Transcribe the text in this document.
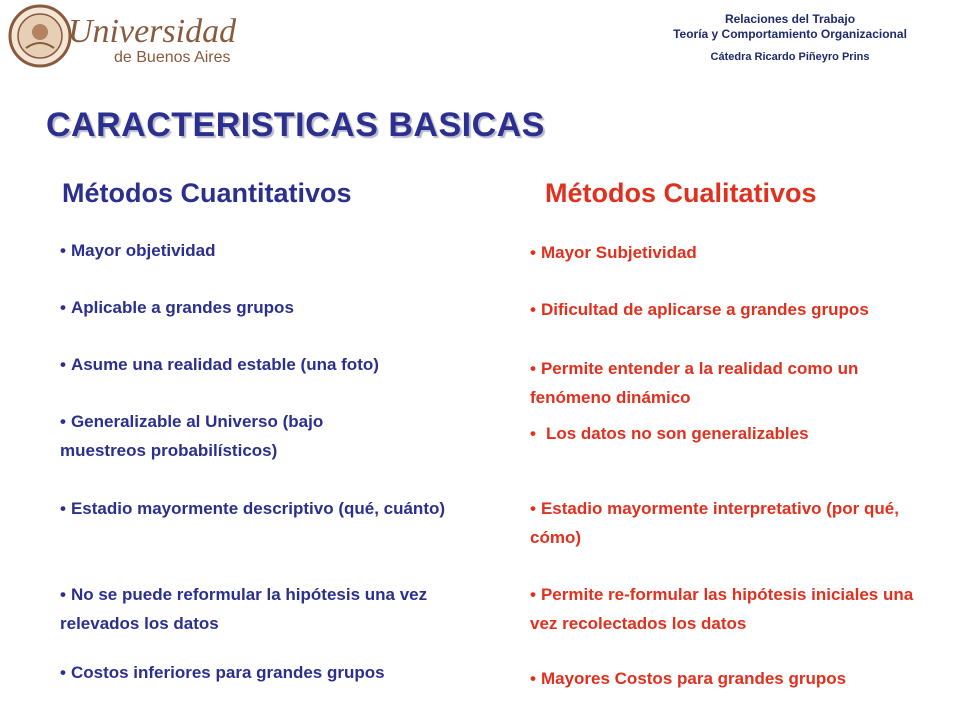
Universidad
de Buenos Aires
Relaciones del Trabajo
Teoría y Comportamiento Organizacional
Cátedra Ricardo Piñeyro Prins
CARACTERISTICAS BASICAS
Métodos Cuantitativos	Métodos Cualitativos

• Mayor objetividad

• Aplicable a grandes grupos

• Asume una realidad estable (una foto)

• Generalizable al Universo (bajo muestreos probabilísticos)

• Estadio mayormente descriptivo (qué, cuánto)

• No se puede reformular la hipótesis una vez relevados los datos

• Costos inferiores para grandes grupos

• Mayor Subjetividad

• Dificultad de aplicarse a grandes grupos

• Permite entender a la realidad como un fenómeno dinámico

• Los datos no son generalizables

• Estadio mayormente interpretativo (por qué, cómo)

• Permite re-formular las hipótesis iniciales una vez recolectados los datos

• Mayores Costos para grandes grupos
